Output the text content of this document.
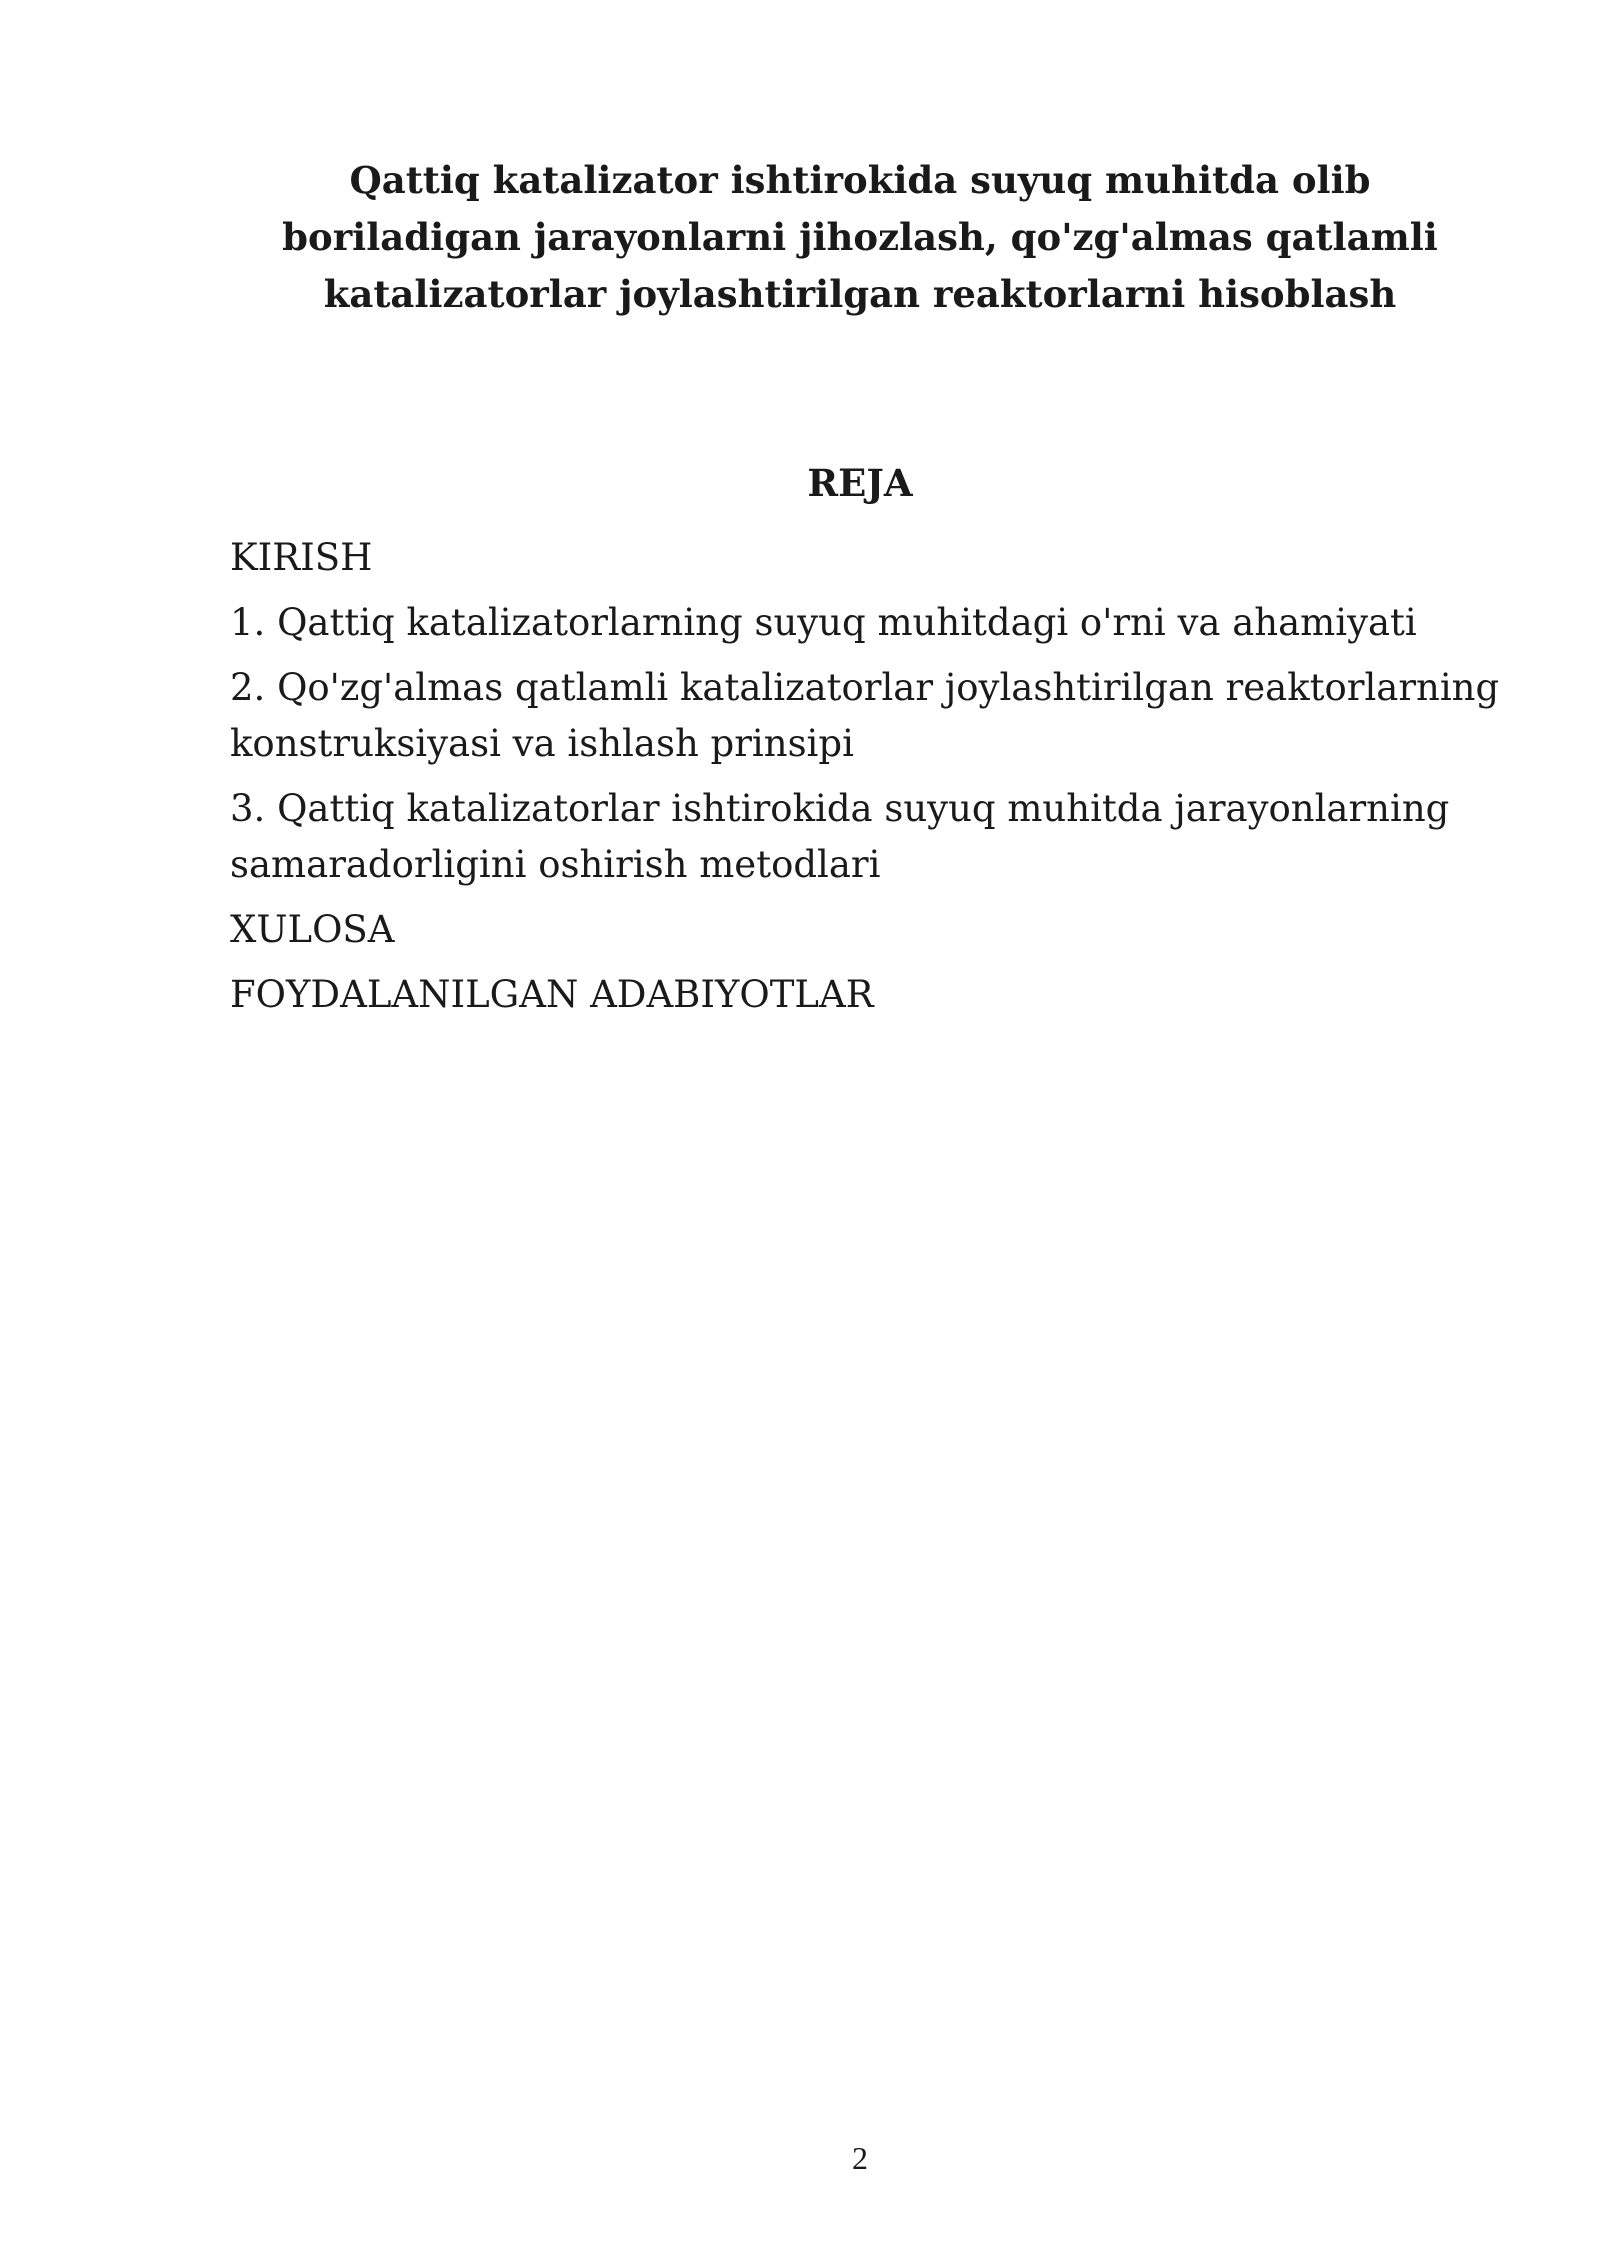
Qattiq katalizator ishtirokida suyuq muhitda olib boriladigan jarayonlarni jihozlash, qo'zg'almas qatlamli katalizatorlar joylashtirilgan reaktorlarni hisoblash
REJA
KIRISH
1. Qattiq katalizatorlarning suyuq muhitdagi o'rni va ahamiyati
2. Qo'zg'almas qatlamli katalizatorlar joylashtirilgan reaktorlarning konstruksiyasi va ishlash prinsipi
3. Qattiq katalizatorlar ishtirokida suyuq muhitda jarayonlarning samaradorligini oshirish metodlari
XULOSA
FOYDALANILGAN ADABIYOTLAR
2
